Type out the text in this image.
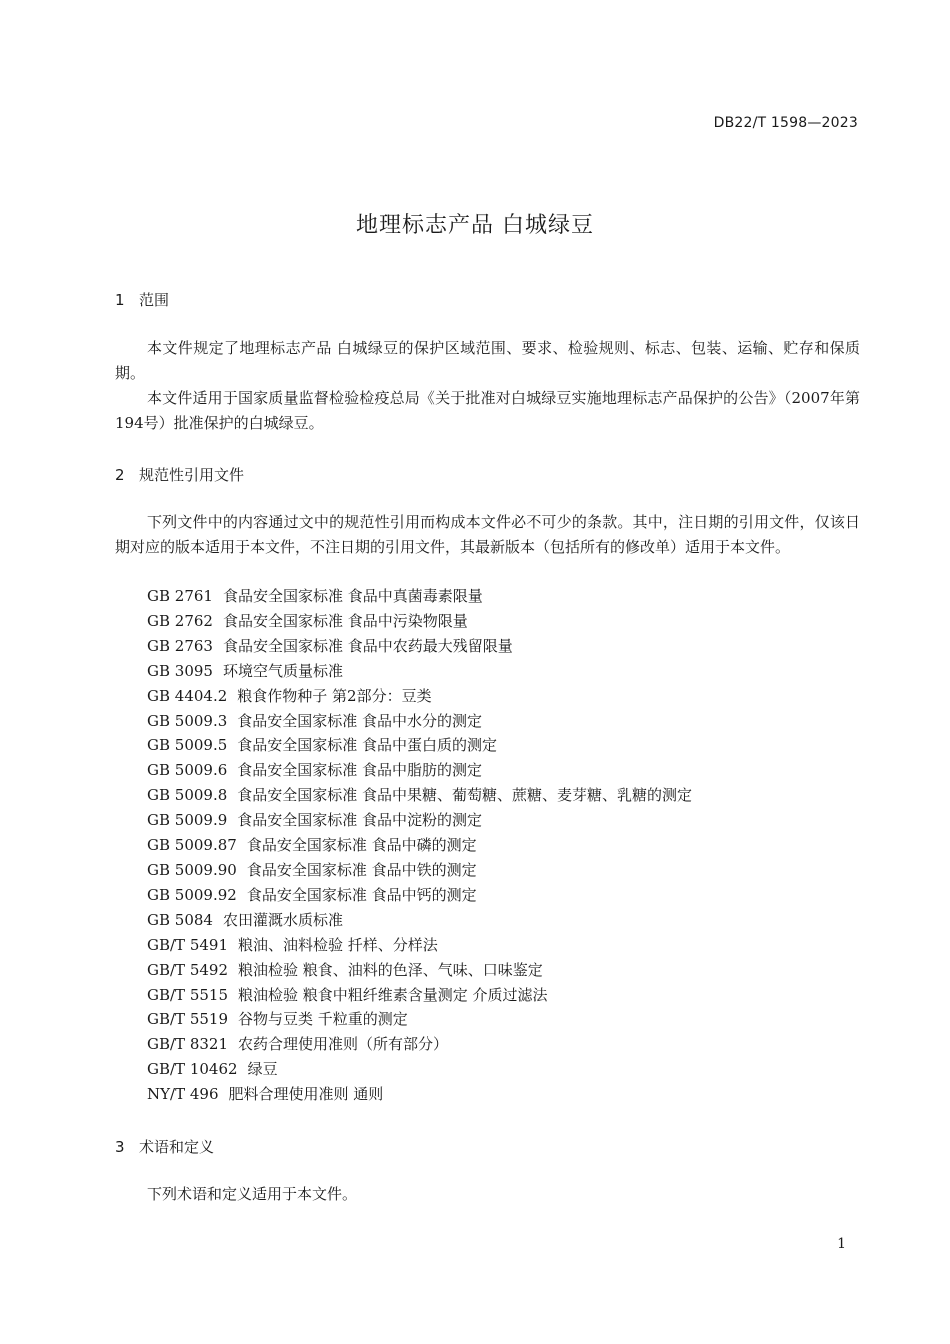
DB22/T 1598—2023
地理标志产品 白城绿豆
1 范围

本文件规定了地理标志产品 白城绿豆的保护区域范围、要求、检验规则、标志、包装、运输、贮存和保质期。

本文件适用于国家质量监督检验检疫总局《关于批准对白城绿豆实施地理标志产品保护的公告》（2007年第194号）批准保护的白城绿豆。

2 规范性引用文件

下列文件中的内容通过文中的规范性引用而构成本文件必不可少的条款。其中，注日期的引用文件，仅该日期对应的版本适用于本文件，不注日期的引用文件，其最新版本（包括所有的修改单）适用于本文件。

GB 2761 食品安全国家标准 食品中真菌毒素限量
GB 2762 食品安全国家标准 食品中污染物限量
GB 2763 食品安全国家标准 食品中农药最大残留限量
GB 3095 环境空气质量标准
GB 4404.2 粮食作物种子 第2部分：豆类
GB 5009.3 食品安全国家标准 食品中水分的测定
GB 5009.5 食品安全国家标准 食品中蛋白质的测定
GB 5009.6 食品安全国家标准 食品中脂肪的测定
GB 5009.8 食品安全国家标准 食品中果糖、葡萄糖、蔗糖、麦芽糖、乳糖的测定
GB 5009.9 食品安全国家标准 食品中淀粉的测定
GB 5009.87 食品安全国家标准 食品中磷的测定
GB 5009.90 食品安全国家标准 食品中铁的测定
GB 5009.92 食品安全国家标准 食品中钙的测定
GB 5084 农田灌溉水质标准
GB/T 5491 粮油、油料检验 扦样、分样法
GB/T 5492 粮油检验 粮食、油料的色泽、气味、口味鉴定
GB/T 5515 粮油检验 粮食中粗纤维素含量测定 介质过滤法
GB/T 5519 谷物与豆类 千粒重的测定
GB/T 8321 农药合理使用准则（所有部分）
GB/T 10462 绿豆
NY/T 496 肥料合理使用准则 通则
3 术语和定义

下列术语和定义适用于本文件。

1
